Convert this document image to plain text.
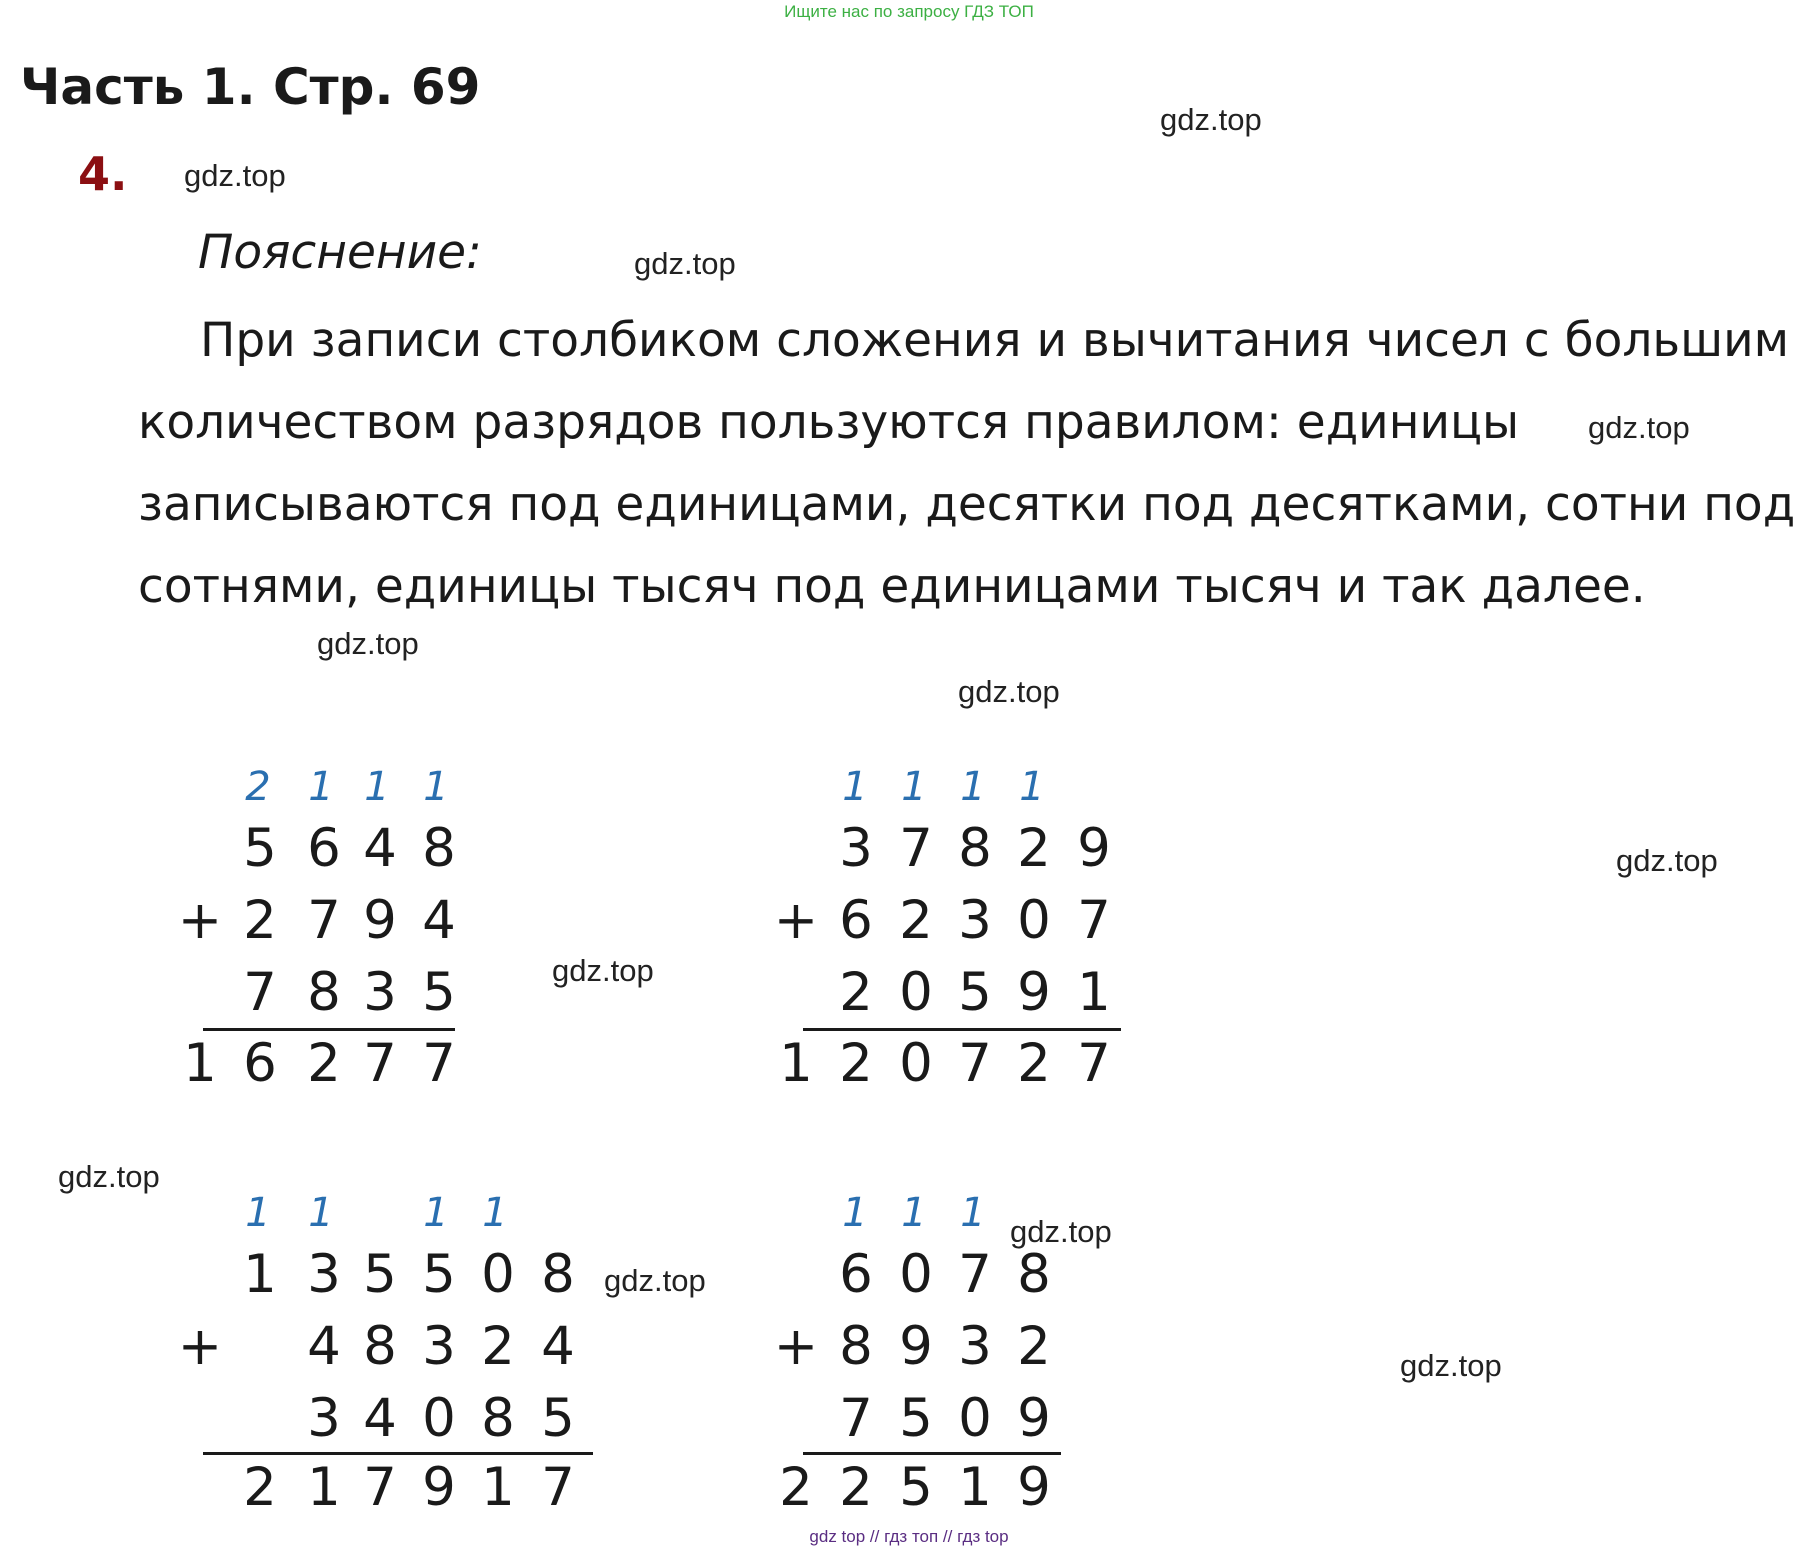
Ищите нас по запросу ГДЗ ТОП
Часть 1. Стр. 69
4.
gdz.top
gdz.top
gdz.top
gdz.top
gdz.top
gdz.top
gdz.top
gdz.top
gdz.top
gdz.top
gdz.top
gdz.top
Пояснение:
При записи столбиком сложения и вычитания чисел с большим
количеством разрядов пользуются правилом: единицы
записываются под единицами, десятки под десятками, сотни под
сотнями, единицы тысяч под единицами тысяч и так далее.
2 1 1 1
5 6 4 8
+ 2 7 9 4
7 8 3 5
1 6 2 7 7
1 1 1 1
3 7 8 2 9
+ 6 2 3 0 7
2 0 5 9 1
1 2 0 7 2 7
1 1	1 1
1 3 5 5 0 8
+ 4 8 3 2 4
3 4 0 8 5
2 1 7 9 1 7
1 1 1
6 0 7 8
+ 8 9 3 2
7 5 0 9
2 2 5 1 9
gdz top // гдз топ // гдз top
